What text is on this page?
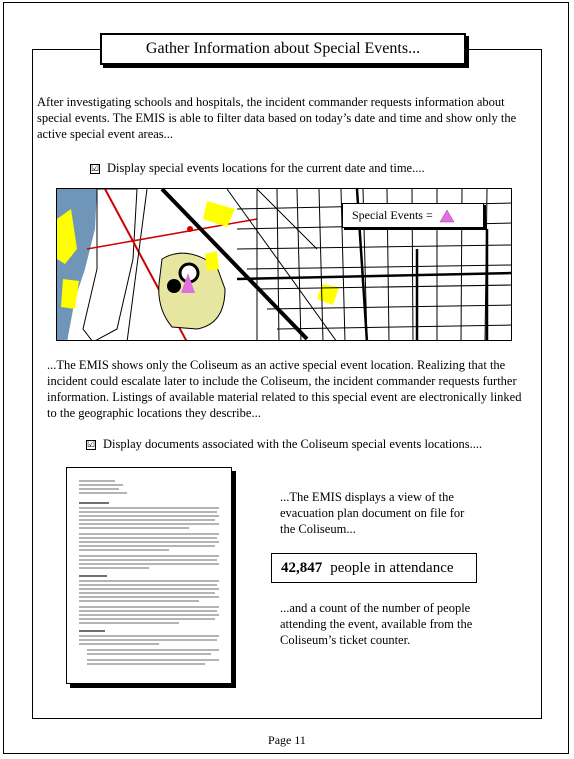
Gather Information about Special Events...
After investigating schools and hospitals, the incident commander requests information about special events. The EMIS is able to filter data based on today’s date and time and show only the active special event areas...
☑ Display special events locations for the current date and time....
Special Events =
...The EMIS shows only the Coliseum as an active special event location. Realizing that the incident could escalate later to include the Coliseum, the incident commander requests further information. Listings of available material related to this special event are electronically linked to the geographic locations they describe...
☑ Display documents associated with the Coliseum special events locations....
...The EMIS displays a view of the evacuation plan document on file for the Coliseum...
42,847 people in attendance
...and a count of the number of people attending the event, available from the Coliseum’s ticket counter.
Page 11
